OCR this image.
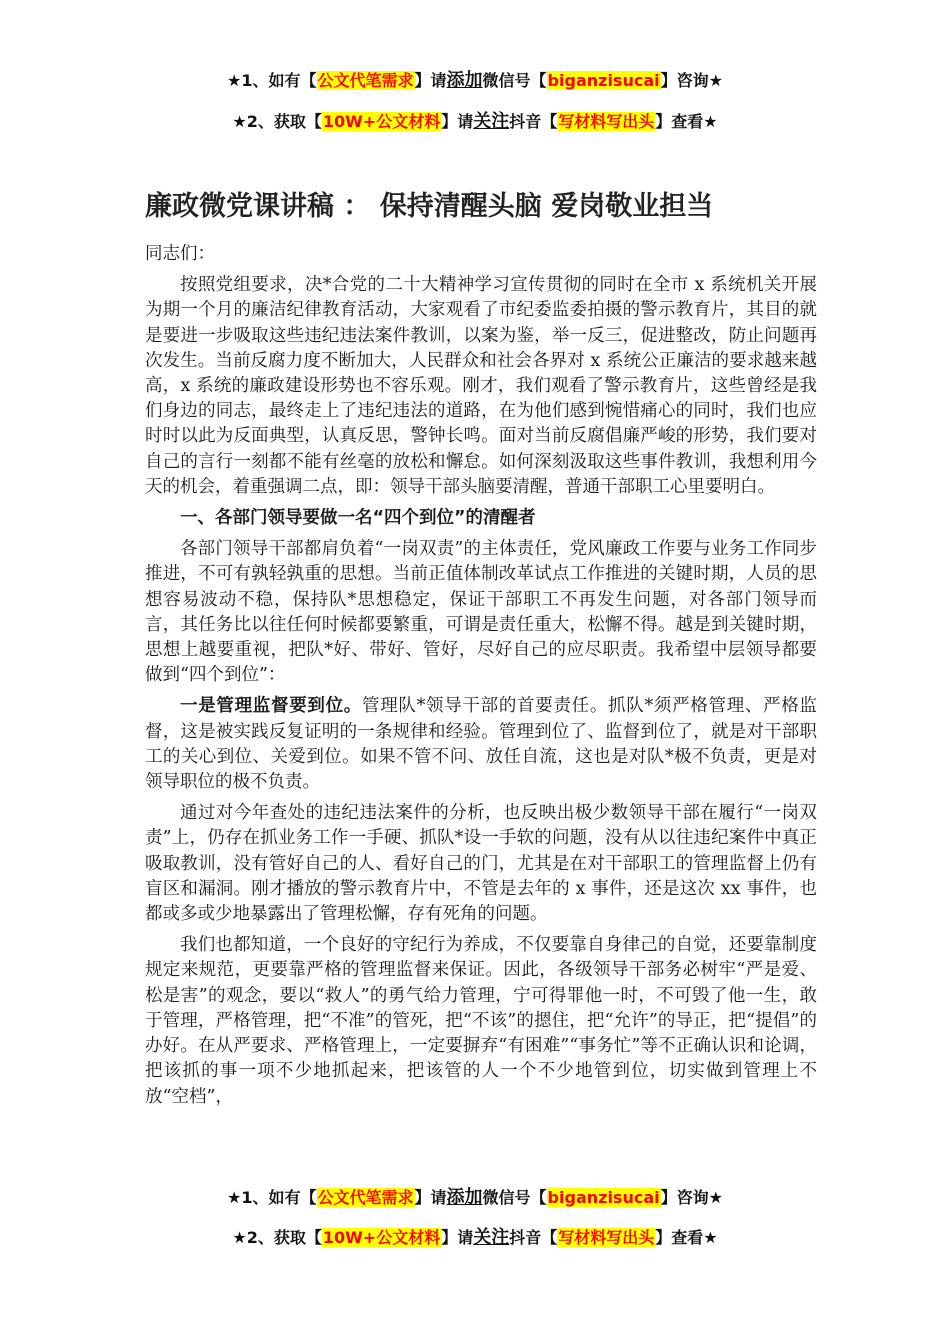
★1、如有【公文代笔需求】请添加微信号【biganzisucai】咨询★
★2、获取【10W+公文材料】请关注抖音【写材料写出头】查看★
廉政微党课讲稿 ： 保持清醒头脑 爱岗敬业担当

同志们：

按照党组要求，决*合党的二十大精神学习宣传贯彻的同时在全市 x 系统机关开展为期一个月的廉洁纪律教育活动，大家观看了市纪委监委拍摄的警示教育片，其目的就是要进一步吸取这些违纪违法案件教训，以案为鉴，举一反三，促进整改，防止问题再次发生。当前反腐力度不断加大，人民群众和社会各界对 x 系统公正廉洁的要求越来越高，x 系统的廉政建设形势也不容乐观。刚才，我们观看了警示教育片，这些曾经是我们身边的同志，最终走上了违纪违法的道路，在为他们感到惋惜痛心的同时，我们也应时时以此为反面典型，认真反思，警钟长鸣。面对当前反腐倡廉严峻的形势，我们要对自己的言行一刻都不能有丝毫的放松和懈怠。如何深刻汲取这些事件教训，我想利用今天的机会，着重强调二点，即：领导干部头脑要清醒，普通干部职工心里要明白。

一、各部门领导要做一名“四个到位”的清醒者

各部门领导干部都肩负着“一岗双责”的主体责任，党风廉政工作要与业务工作同步推进，不可有孰轻孰重的思想。当前正值体制改革试点工作推进的关键时期，人员的思想容易波动不稳，保持队*思想稳定，保证干部职工不再发生问题，对各部门领导而言，其任务比以往任何时候都要繁重，可谓是责任重大，松懈不得。越是到关键时期，思想上越要重视，把队*好、带好、管好，尽好自己的应尽职责。我希望中层领导都要做到“四个到位”：

一是管理监督要到位。管理队*领导干部的首要责任。抓队*须严格管理、严格监督，这是被实践反复证明的一条规律和经验。管理到位了、监督到位了，就是对干部职工的关心到位、关爱到位。如果不管不问、放任自流，这也是对队*极不负责，更是对领导职位的极不负责。

通过对今年查处的违纪违法案件的分析，也反映出极少数领导干部在履行“一岗双责”上，仍存在抓业务工作一手硬、抓队*设一手软的问题，没有从以往违纪案件中真正吸取教训，没有管好自己的人、看好自己的门，尤其是在对干部职工的管理监督上仍有盲区和漏洞。刚才播放的警示教育片中，不管是去年的 x 事件，还是这次 xx 事件，也都或多或少地暴露出了管理松懈，存有死角的问题。

我们也都知道，一个良好的守纪行为养成，不仅要靠自身律己的自觉，还要靠制度规定来规范，更要靠严格的管理监督来保证。因此，各级领导干部务必树牢“严是爱、松是害”的观念，要以“救人”的勇气给力管理，宁可得罪他一时，不可毁了他一生，敢于管理，严格管理，把“不准”的管死，把“不该”的摁住，把“允许”的导正，把“提倡”的办好。在从严要求、严格管理上，一定要摒弃“有困难”“事务忙”等不正确认识和论调，把该抓的事一项不少地抓起来，把该管的人一个不少地管到位，切实做到管理上不放“空档”，

★1、如有【公文代笔需求】请添加微信号【biganzisucai】咨询★
★2、获取【10W+公文材料】请关注抖音【写材料写出头】查看★
